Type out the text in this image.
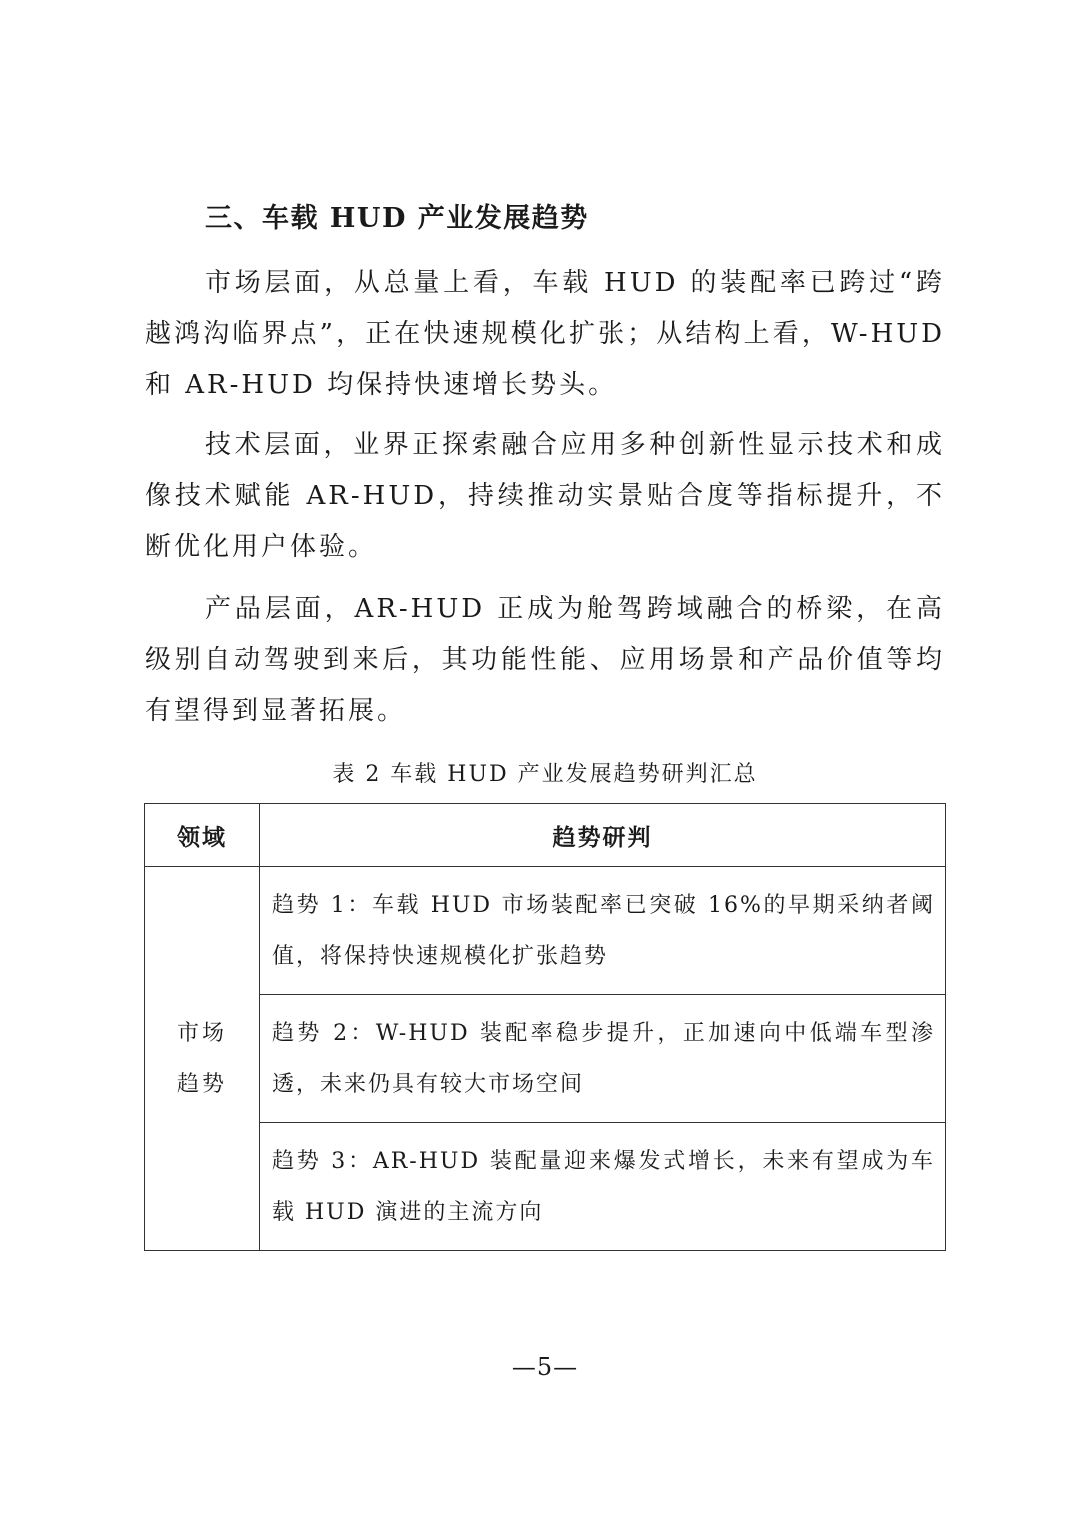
三、车载 HUD 产业发展趋势

市场层面，从总量上看，车载 HUD 的装配率已跨过“跨越鸿沟临界点”，正在快速规模化扩张；从结构上看，W-HUD 和 AR-HUD 均保持快速增长势头。

技术层面，业界正探索融合应用多种创新性显示技术和成像技术赋能 AR-HUD，持续推动实景贴合度等指标提升，不断优化用户体验。

产品层面，AR-HUD 正成为舱驾跨域融合的桥梁，在高级别自动驾驶到来后，其功能性能、应用场景和产品价值等均有望得到显著拓展。

表 2 车载 HUD 产业发展趋势研判汇总
领域	趋势研判

市场
趋势	趋势 1：车载 HUD 市场装配率已突破 16%的早期采纳者阈值，将保持快速规模化扩张趋势
	趋势 2：W-HUD 装配率稳步提升，正加速向中低端车型渗透，未来仍具有较大市场空间
	趋势 3：AR-HUD 装配量迎来爆发式增长，未来有望成为车载 HUD 演进的主流方向
—5—
